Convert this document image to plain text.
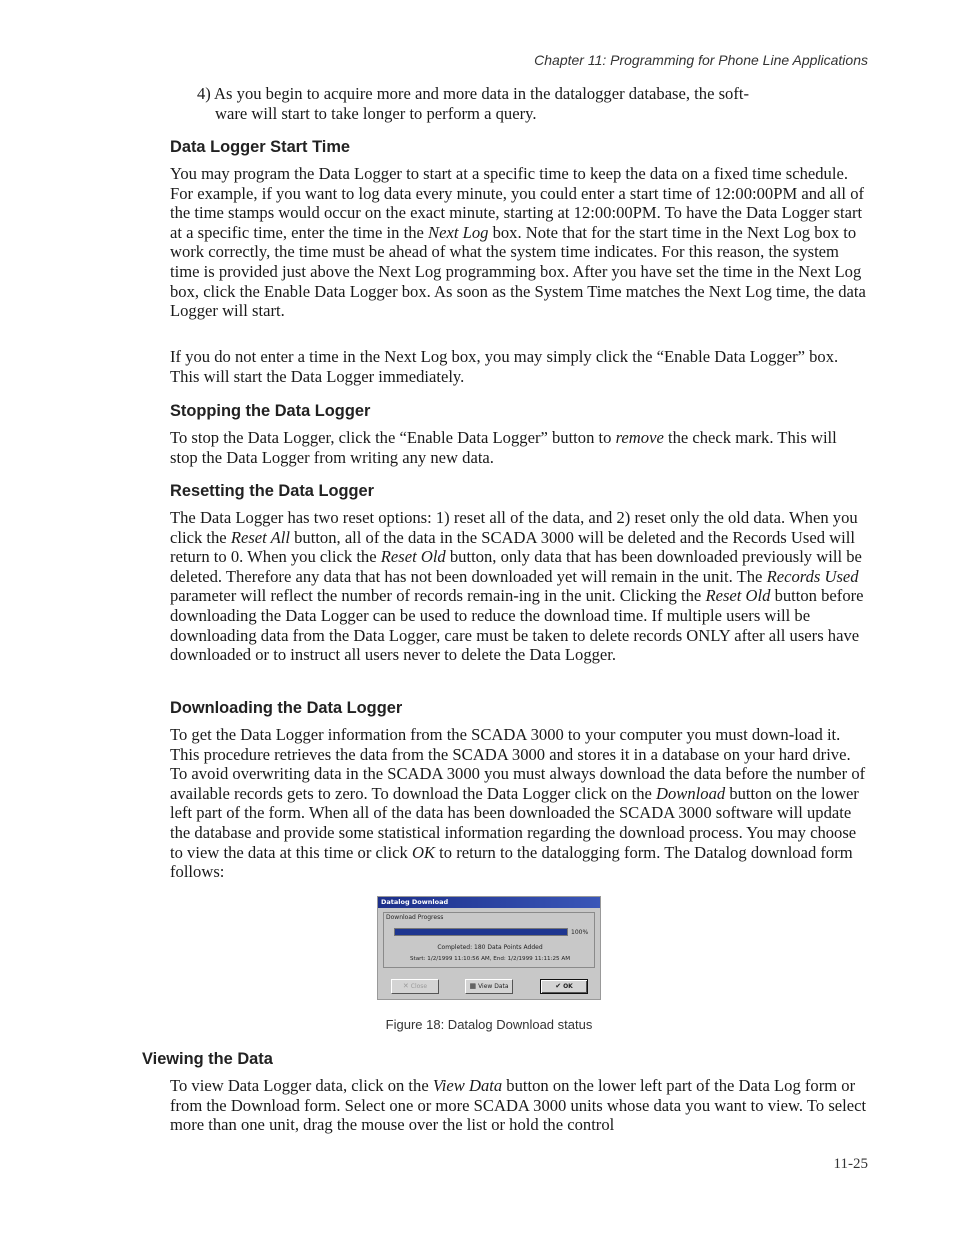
Chapter 11: Programming for Phone Line Applications

4) As you begin to acquire more and more data in the datalogger database, the soft-
ware will start to take longer to perform a query.

Data Logger Start Time

You may program the Data Logger to start at a specific time to keep the data on a fixed time schedule. For example, if you want to log data every minute, you could enter a start time of 12:00:00PM and all of the time stamps would occur on the exact minute, starting at 12:00:00PM. To have the Data Logger start at a specific time, enter the time in the Next Log box. Note that for the start time in the Next Log box to work correctly, the time must be ahead of what the system time indicates. For this reason, the system time is provided just above the Next Log programming box. After you have set the time in the Next Log box, click the Enable Data Logger box. As soon as the System Time matches the Next Log time, the data Logger will start.

If you do not enter a time in the Next Log box, you may simply click the “Enable Data Logger” box. This will start the Data Logger immediately.

Stopping the Data Logger

To stop the Data Logger, click the “Enable Data Logger” button to remove the check mark. This will stop the Data Logger from writing any new data.

Resetting the Data Logger

The Data Logger has two reset options: 1) reset all of the data, and 2) reset only the old data. When you click the Reset All button, all of the data in the SCADA 3000 will be deleted and the Records Used will return to 0. When you click the Reset Old button, only data that has been downloaded previously will be deleted. Therefore any data that has not been downloaded yet will remain in the unit. The Records Used parameter will reflect the number of records remain-ing in the unit. Clicking the Reset Old button before downloading the Data Logger can be used to reduce the download time. If multiple users will be downloading data from the Data Logger, care must be taken to delete records ONLY after all users have downloaded or to instruct all users never to delete the Data Logger.

Downloading the Data Logger

To get the Data Logger information from the SCADA 3000 to your computer you must down-load it. This procedure retrieves the data from the SCADA 3000 and stores it in a database on your hard drive. To avoid overwriting data in the SCADA 3000 you must always download the data before the number of available records gets to zero. To download the Data Logger click on the Download button on the lower left part of the form. When all of the data has been downloaded the SCADA 3000 software will update the database and provide some statistical information regarding the download process. You may choose to view the data at this time or click OK to return to the datalogging form. The Datalog download form follows:

Datalog Download
Download Progress
100%
Completed: 180 Data Points Added
Start: 1/2/1999 11:10:56 AM, End: 1/2/1999 11:11:25 AM
✕ Close	▦ View Data	✔ OK
Figure 18: Datalog Download status
Viewing the Data

To view Data Logger data, click on the View Data button on the lower left part of the Data Log form or from the Download form. Select one or more SCADA 3000 units whose data you want to view. To select more than one unit, drag the mouse over the list or hold the control

11-25
